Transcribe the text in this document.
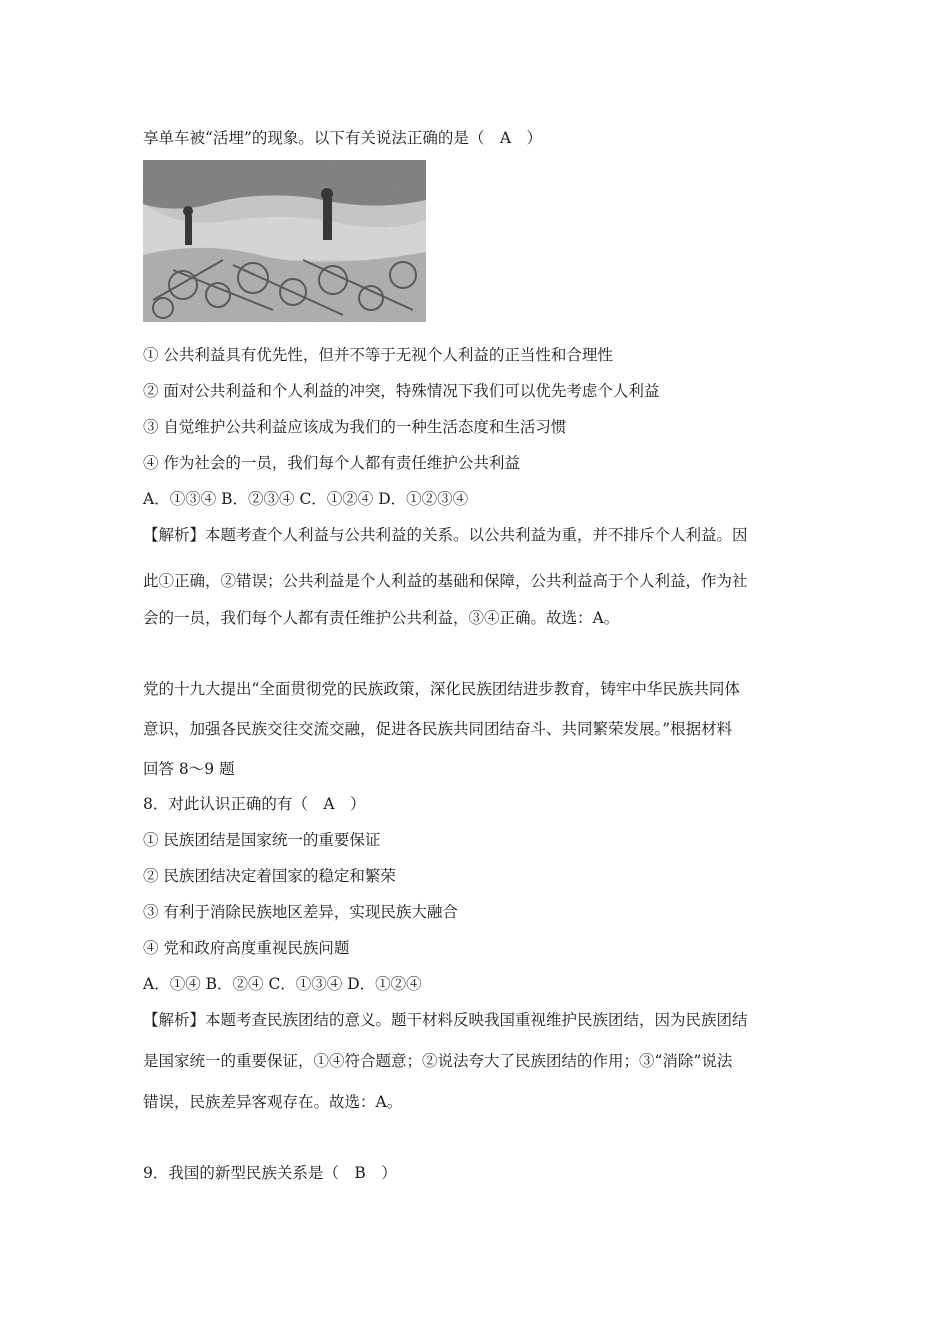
享单车被“活埋”的现象。以下有关说法正确的是（　A　）
① 公共利益具有优先性，但并不等于无视个人利益的正当性和合理性
② 面对公共利益和个人利益的冲突，特殊情况下我们可以优先考虑个人利益
③ 自觉维护公共利益应该成为我们的一种生活态度和生活习惯
④ 作为社会的一员，我们每个人都有责任维护公共利益
A．①③④ B．②③④ C．①②④ D．①②③④
【解析】本题考查个人利益与公共利益的关系。以公共利益为重，并不排斥个人利益。因
此①正确，②错误；公共利益是个人利益的基础和保障，公共利益高于个人利益，作为社
会的一员，我们每个人都有责任维护公共利益，③④正确。故选：A。
党的十九大提出“全面贯彻党的民族政策，深化民族团结进步教育，铸牢中华民族共同体
意识，加强各民族交往交流交融，促进各民族共同团结奋斗、共同繁荣发展。”根据材料
回答 8～9 题
8．对此认识正确的有（　A　）
① 民族团结是国家统一的重要保证
② 民族团结决定着国家的稳定和繁荣
③ 有利于消除民族地区差异，实现民族大融合
④ 党和政府高度重视民族问题
A．①④ B．②④ C．①③④ D．①②④
【解析】本题考查民族团结的意义。题干材料反映我国重视维护民族团结，因为民族团结
是国家统一的重要保证，①④符合题意；②说法夸大了民族团结的作用；③“消除”说法
错误，民族差异客观存在。故选：A。
9．我国的新型民族关系是（　B　）
